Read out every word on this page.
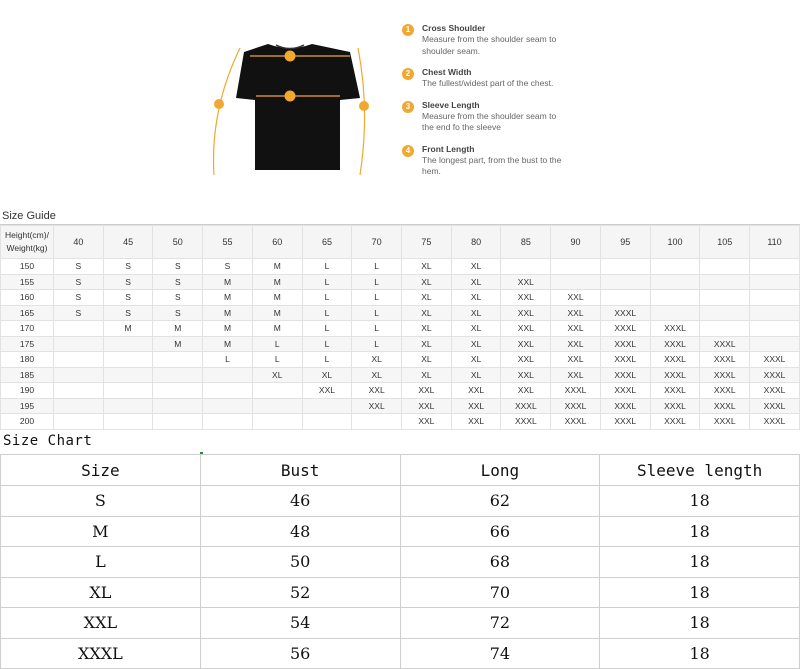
1	Cross Shoulder
Measure from the shoulder seam to shoulder seam.
2	Chest Width
The fullest/widest part of the chest.
3	Sleeve Length
Measure from the shoulder seam to the end fo the sleeve
4	Front Length
The longest part, from the bust to the hem.
Size Guide
Height(cm)/ Weight(kg)	40	45	50	55	60	65	70	75	80	85	90	95	100	105	110
150	S	S	S	S	M	L	L	XL	XL						
155	S	S	S	M	M	L	L	XL	XL	XXL					
160	S	S	S	M	M	L	L	XL	XL	XXL	XXL				
165	S	S	S	M	M	L	L	XL	XL	XXL	XXL	XXXL			
170		M	M	M	M	L	L	XL	XL	XXL	XXL	XXXL	XXXL		
175			M	M	L	L	L	XL	XL	XXL	XXL	XXXL	XXXL	XXXL	
180				L	L	L	XL	XL	XL	XXL	XXL	XXXL	XXXL	XXXL	XXXL
185					XL	XL	XL	XL	XL	XXL	XXL	XXXL	XXXL	XXXL	XXXL
190						XXL	XXL	XXL	XXL	XXL	XXXL	XXXL	XXXL	XXXL	XXXL
195							XXL	XXL	XXL	XXXL	XXXL	XXXL	XXXL	XXXL	XXXL
200								XXL	XXL	XXXL	XXXL	XXXL	XXXL	XXXL	XXXL
Size Chart
Size	Bust	Long	Sleeve length
S	46	62	18
M	48	66	18
L	50	68	18
XL	52	70	18
XXL	54	72	18
XXXL	56	74	18
